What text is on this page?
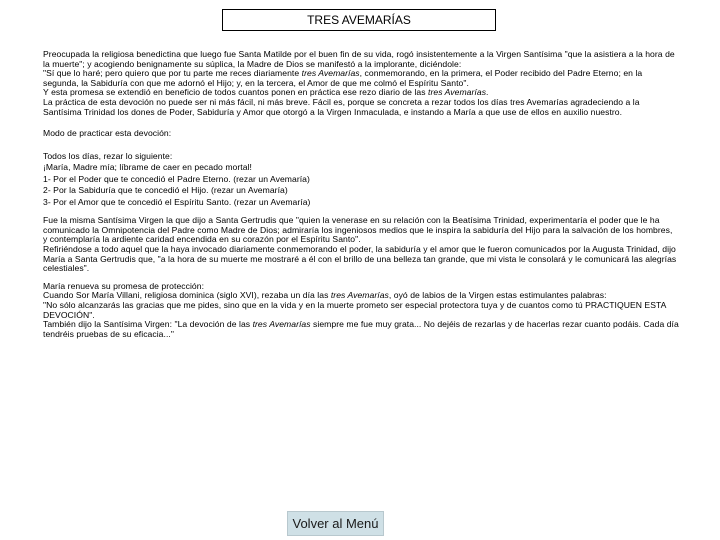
TRES AVEMARÍAS

Preocupada la religiosa benedictina que luego fue Santa Matilde por el buen fin de su vida, rogó insistentemente a la Virgen Santísima "que la asistiera a la hora de la muerte"; y acogiendo benignamente su súplica, la Madre de Dios se manifestó a la implorante, diciéndole:

"Sí que lo haré; pero quiero que por tu parte me reces diariamente tres Avemarías, conmemorando, en la primera, el Poder recibido del Padre Eterno; en la segunda, la Sabiduría con que me adornó el Hijo; y, en la tercera, el Amor de que me colmó el Espíritu Santo".

Y esta promesa se extendió en beneficio de todos cuantos ponen en práctica ese rezo diario de las tres Avemarías.

La práctica de esta devoción no puede ser ni más fácil, ni más breve. Fácil es, porque se concreta a rezar todos los días tres Avemarías agradeciendo a la Santísima Trinidad los dones de Poder, Sabiduría y Amor que otorgó a la Virgen Inmaculada, e instando a María a que use de ellos en auxilio nuestro.

Modo de practicar esta devoción:

Todos los días, rezar lo siguiente:

¡María, Madre mía; líbrame de caer en pecado mortal!

1- Por el Poder que te concedió el Padre Eterno. (rezar un Avemaría)

2- Por la Sabiduría que te concedió el Hijo. (rezar un Avemaría)

3- Por el Amor que te concedió el Espíritu Santo. (rezar un Avemaría)

Fue la misma Santísima Virgen la que dijo a Santa Gertrudis que "quien la venerase en su relación con la Beatísima Trinidad, experimentaría el poder que le ha comunicado la Omnipotencia del Padre como Madre de Dios; admiraría los ingeniosos medios que le inspira la sabiduría del Hijo para la salvación de los hombres, y contemplaría la ardiente caridad encendida en su corazón por el Espíritu Santo".

Refiriéndose a todo aquel que la haya invocado diariamente conmemorando el poder, la sabiduría y el amor que le fueron comunicados por la Augusta Trinidad, dijo María a Santa Gertrudis que, "a la hora de su muerte me mostraré a él con el brillo de una belleza tan grande, que mi vista le consolará y le comunicará las alegrías celestiales".

María renueva su promesa de protección:

Cuando Sor María Villani, religiosa dominica (siglo XVI), rezaba un día las tres Avemarías, oyó de labios de la Virgen estas estimulantes palabras:

"No sólo alcanzarás las gracias que me pides, sino que en la vida y en la muerte prometo ser especial protectora tuya y de cuantos como tú PRACTIQUEN ESTA DEVOCIÓN".

También dijo la Santísima Virgen: "La devoción de las tres Avemarías siempre me fue muy grata... No dejéis de rezarlas y de hacerlas rezar cuanto podáis. Cada día tendréis pruebas de su eficacia..."

Volver al Menú
